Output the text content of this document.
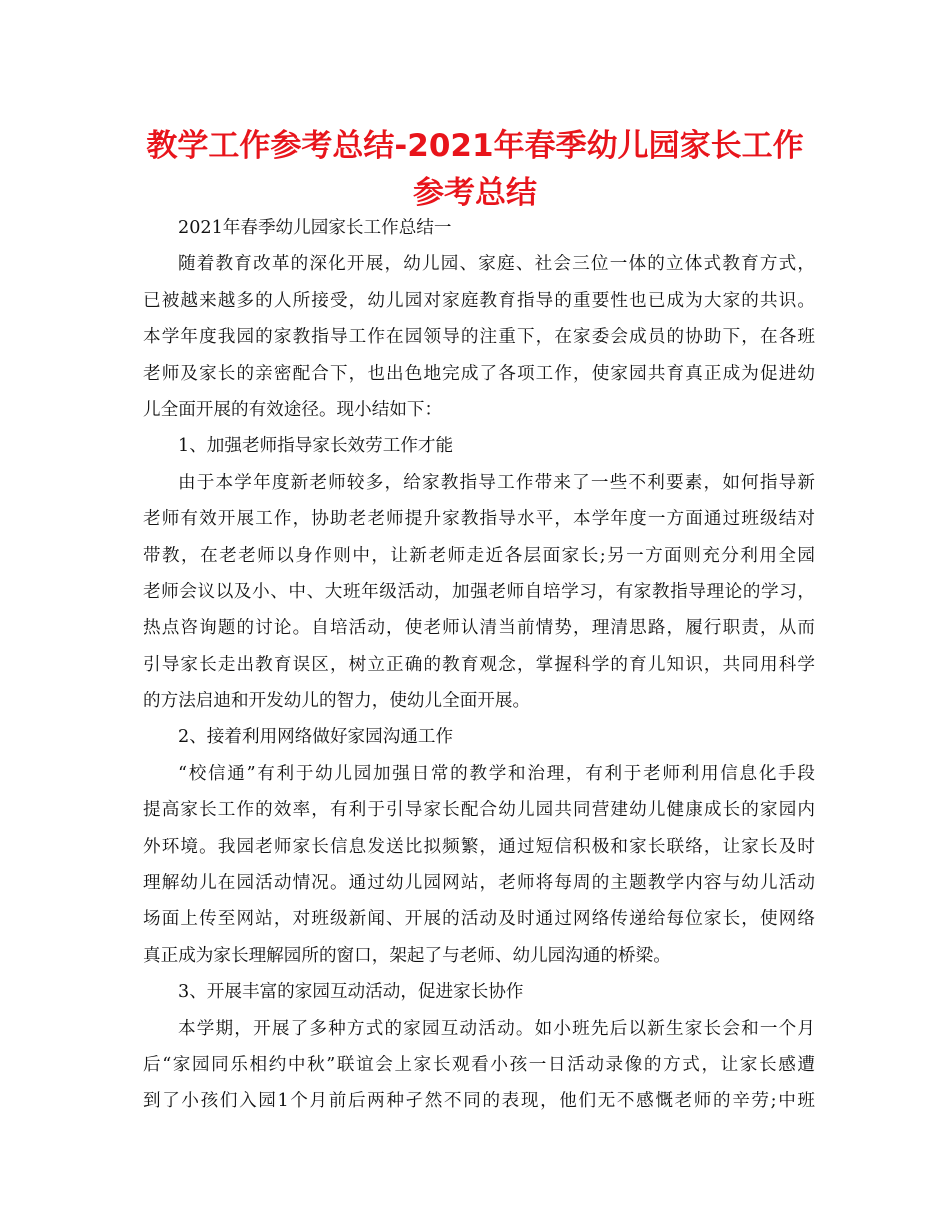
教学工作参考总结-2021年春季幼儿园家长工作
参考总结
2021年春季幼儿园家长工作总结一
随着教育改革的深化开展，幼儿园、家庭、社会三位一体的立体式教育方式，
已被越来越多的人所接受，幼儿园对家庭教育指导的重要性也已成为大家的共识。
本学年度我园的家教指导工作在园领导的注重下，在家委会成员的协助下，在各班
老师及家长的亲密配合下，也出色地完成了各项工作，使家园共育真正成为促进幼
儿全面开展的有效途径。现小结如下：
1、加强老师指导家长效劳工作才能
由于本学年度新老师较多，给家教指导工作带来了一些不利要素，如何指导新
老师有效开展工作，协助老老师提升家教指导水平，本学年度一方面通过班级结对
带教，在老老师以身作则中，让新老师走近各层面家长;另一方面则充分利用全园
老师会议以及小、中、大班年级活动，加强老师自培学习，有家教指导理论的学习，
热点咨询题的讨论。自培活动，使老师认清当前情势，理清思路，履行职责，从而
引导家长走出教育误区，树立正确的教育观念，掌握科学的育儿知识，共同用科学
的方法启迪和开发幼儿的智力，使幼儿全面开展。
2、接着利用网络做好家园沟通工作
“校信通”有利于幼儿园加强日常的教学和治理，有利于老师利用信息化手段
提高家长工作的效率，有利于引导家长配合幼儿园共同营建幼儿健康成长的家园内
外环境。我园老师家长信息发送比拟频繁，通过短信积极和家长联络，让家长及时
理解幼儿在园活动情况。通过幼儿园网站，老师将每周的主题教学内容与幼儿活动
场面上传至网站，对班级新闻、开展的活动及时通过网络传递给每位家长，使网络
真正成为家长理解园所的窗口，架起了与老师、幼儿园沟通的桥梁。
3、开展丰富的家园互动活动，促进家长协作
本学期，开展了多种方式的家园互动活动。如小班先后以新生家长会和一个月
后“家园同乐相约中秋”联谊会上家长观看小孩一日活动录像的方式，让家长感遭
到了小孩们入园1个月前后两种孑然不同的表现，他们无不感慨老师的辛劳;中班
